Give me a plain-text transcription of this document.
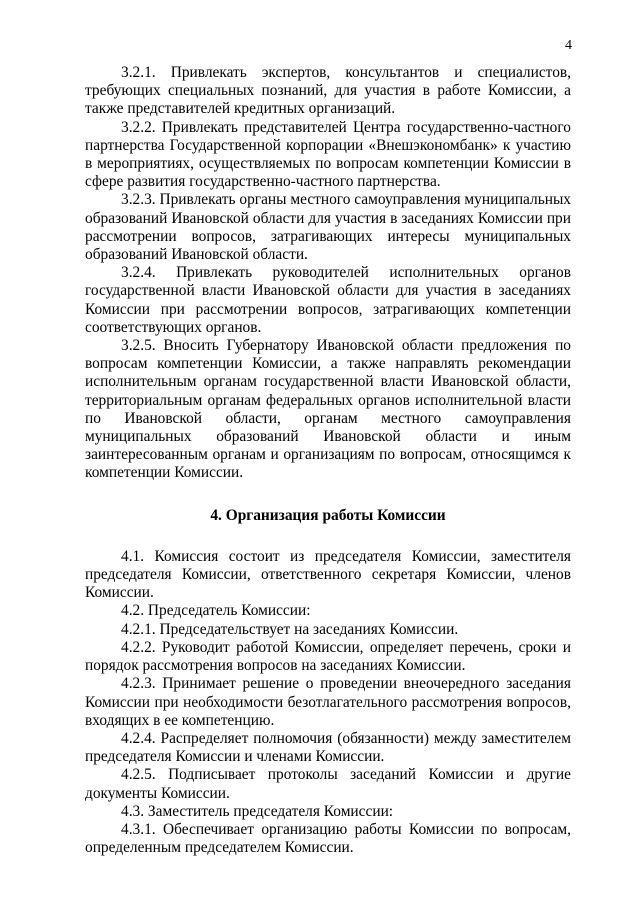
4

3.2.1. Привлекать экспертов, консультантов и специалистов, требующих специальных познаний, для участия в работе Комиссии, а также представителей кредитных организаций.

3.2.2. Привлекать представителей Центра государственно-частного партнерства Государственной корпорации «Внешэкономбанк» к участию в мероприятиях, осуществляемых по вопросам компетенции Комиссии в сфере развития государственно-частного партнерства.

3.2.3. Привлекать органы местного самоуправления муниципальных образований Ивановской области для участия в заседаниях Комиссии при рассмотрении вопросов, затрагивающих интересы муниципальных образований Ивановской области.

3.2.4. Привлекать руководителей исполнительных органов государственной власти Ивановской области для участия в заседаниях Комиссии при рассмотрении вопросов, затрагивающих компетенции соответствующих органов.

3.2.5. Вносить Губернатору Ивановской области предложения по вопросам компетенции Комиссии, а также направлять рекомендации исполнительным органам государственной власти Ивановской области, территориальным органам федеральных органов исполнительной власти по Ивановской области, органам местного самоуправления муниципальных образований Ивановской области и иным заинтересованным органам и организациям по вопросам, относящимся к компетенции Комиссии.

4. Организация работы Комиссии

4.1. Комиссия состоит из председателя Комиссии, заместителя председателя Комиссии, ответственного секретаря Комиссии, членов Комиссии.

4.2. Председатель Комиссии:

4.2.1. Председательствует на заседаниях Комиссии.

4.2.2. Руководит работой Комиссии, определяет перечень, сроки и порядок рассмотрения вопросов на заседаниях Комиссии.

4.2.3. Принимает решение о проведении внеочередного заседания Комиссии при необходимости безотлагательного рассмотрения вопросов, входящих в ее компетенцию.

4.2.4. Распределяет полномочия (обязанности) между заместителем председателя Комиссии и членами Комиссии.

4.2.5. Подписывает протоколы заседаний Комиссии и другие документы Комиссии.

4.3. Заместитель председателя Комиссии:

4.3.1. Обеспечивает организацию работы Комиссии по вопросам, определенным председателем Комиссии.
